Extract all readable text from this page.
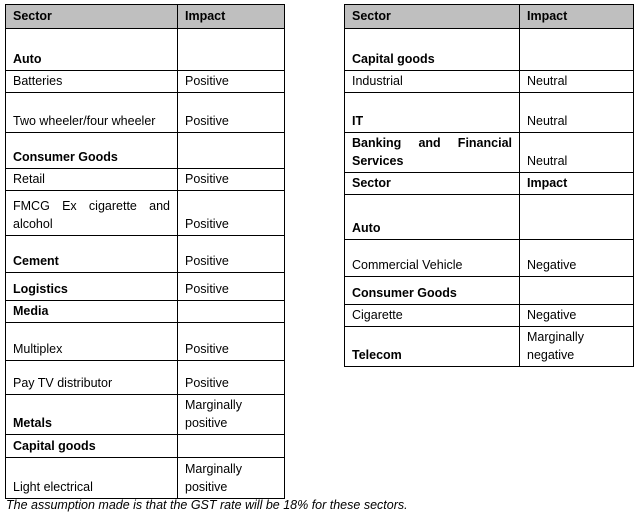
Sector	Impact
Auto	
Batteries	Positive
Two wheeler/four wheeler	Positive
Consumer Goods	
Retail	Positive
FMCG Ex cigarette and alcohol	Positive
Cement	Positive
Logistics	Positive
Media	
Multiplex	Positive
Pay TV distributor	Positive
Metals	Marginally positive
Capital goods	
Light electrical	Marginally positive
Sector	Impact
Capital goods	
Industrial	Neutral
IT	Neutral
Banking and Financial Services	Neutral
Sector	Impact
Auto	
Commercial Vehicle	Negative
Consumer Goods	
Cigarette	Negative
Telecom	Marginally negative
The assumption made is that the GST rate will be 18% for these sectors.
